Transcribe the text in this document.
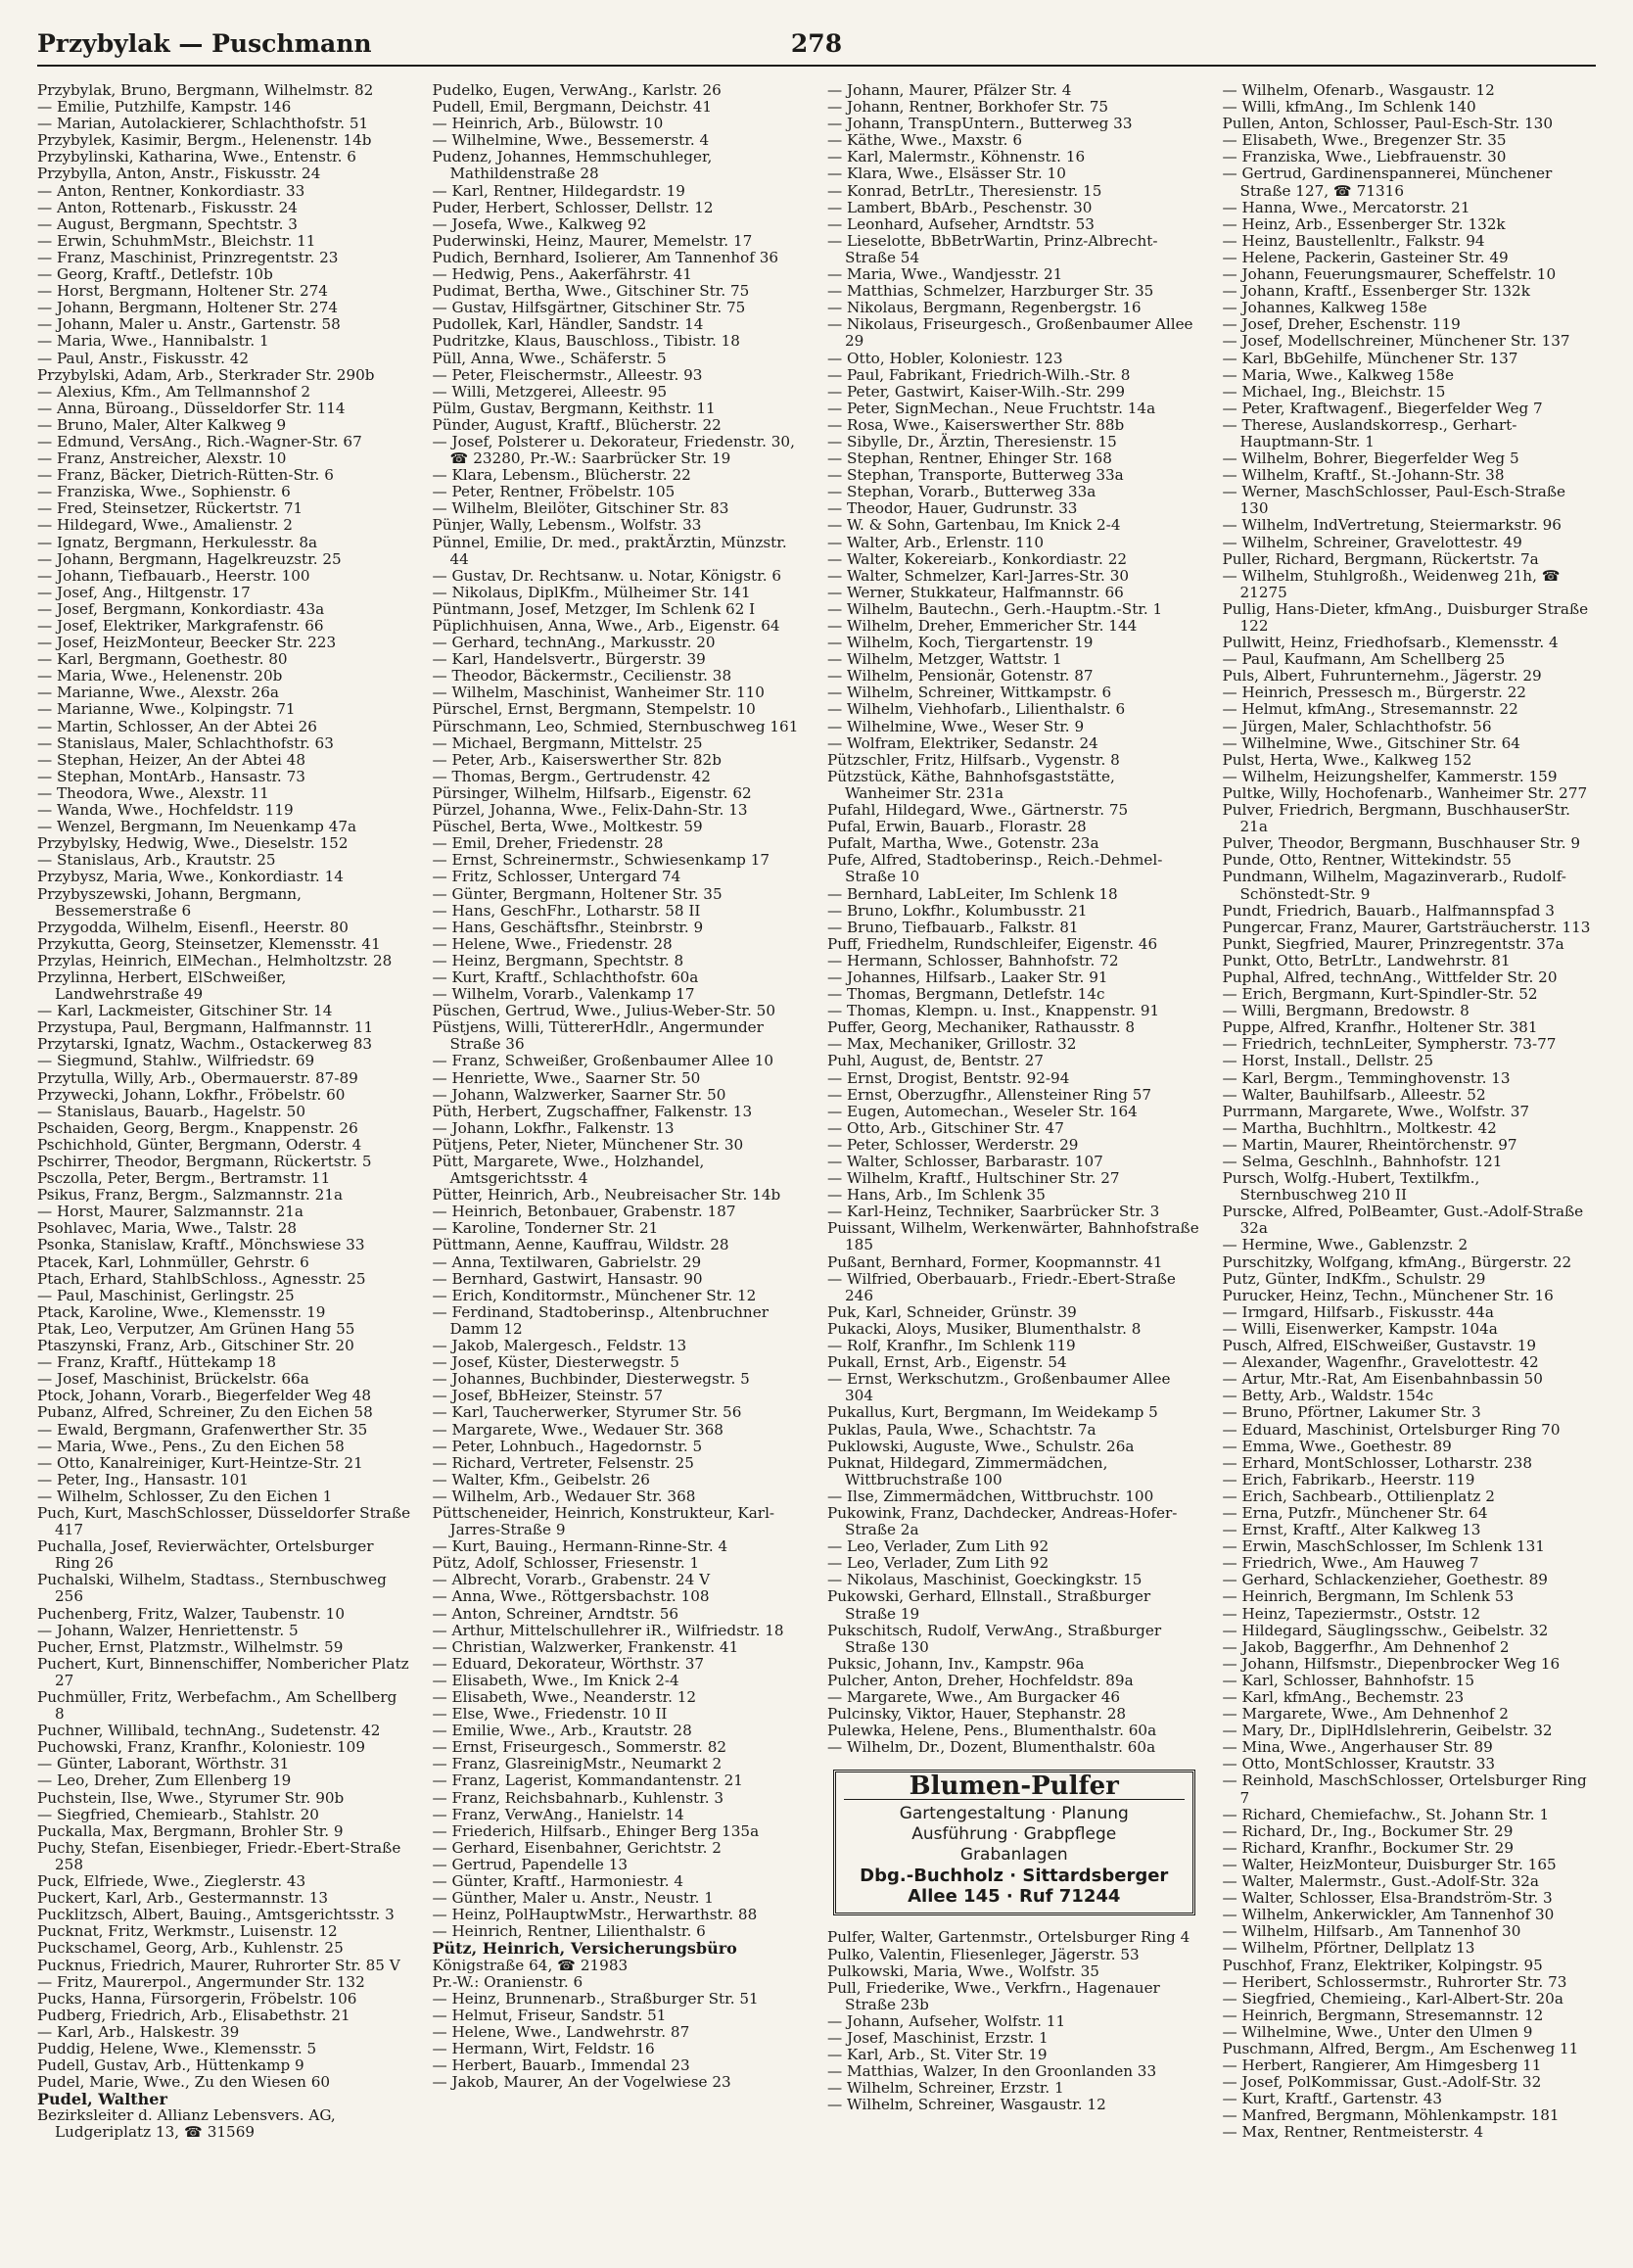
Przybylak — Puschmann	278
Przybylak, Bruno, Bergmann, Wilhelmstr. 82
— Emilie, Putzhilfe, Kampstr. 146
— Marian, Autolackierer, Schlachthofstr. 51
Przybylek, Kasimir, Bergm., Helenenstr. 14b
Przybylinski, Katharina, Wwe., Entenstr. 6
Przybylla, Anton, Anstr., Fiskusstr. 24
— Anton, Rentner, Konkordiastr. 33
— Anton, Rottenarb., Fiskusstr. 24
— August, Bergmann, Spechtstr. 3
— Erwin, SchuhmMstr., Bleichstr. 11
— Franz, Maschinist, Prinzregentstr. 23
— Georg, Kraftf., Detlefstr. 10b
— Horst, Bergmann, Holtener Str. 274
— Johann, Bergmann, Holtener Str. 274
— Johann, Maler u. Anstr., Gartenstr. 58
— Maria, Wwe., Hannibalstr. 1
— Paul, Anstr., Fiskusstr. 42
Przybylski, Adam, Arb., Sterkrader Str. 290b
— Alexius, Kfm., Am Tellmannshof 2
— Anna, Büroang., Düsseldorfer Str. 114
— Bruno, Maler, Alter Kalkweg 9
— Edmund, VersAng., Rich.-Wagner-Str. 67
— Franz, Anstreicher, Alexstr. 10
— Franz, Bäcker, Dietrich-Rütten-Str. 6
— Franziska, Wwe., Sophienstr. 6
— Fred, Steinsetzer, Rückertstr. 71
— Hildegard, Wwe., Amalienstr. 2
— Ignatz, Bergmann, Herkulesstr. 8a
— Johann, Bergmann, Hagelkreuzstr. 25
— Johann, Tiefbauarb., Heerstr. 100
— Josef, Ang., Hiltgenstr. 17
— Josef, Bergmann, Konkordiastr. 43a
— Josef, Elektriker, Markgrafenstr. 66
— Josef, HeizMonteur, Beecker Str. 223
— Karl, Bergmann, Goethestr. 80
— Maria, Wwe., Helenenstr. 20b
— Marianne, Wwe., Alexstr. 26a
— Marianne, Wwe., Kolpingstr. 71
— Martin, Schlosser, An der Abtei 26
— Stanislaus, Maler, Schlachthofstr. 63
— Stephan, Heizer, An der Abtei 48
— Stephan, MontArb., Hansastr. 73
— Theodora, Wwe., Alexstr. 11
— Wanda, Wwe., Hochfeldstr. 119
— Wenzel, Bergmann, Im Neuenkamp 47a
Przybylsky, Hedwig, Wwe., Dieselstr. 152
— Stanislaus, Arb., Krautstr. 25
Przybysz, Maria, Wwe., Konkordiastr. 14
Przybyszewski, Johann, Bergmann, Bessemerstraße 6
Przygodda, Wilhelm, Eisenfl., Heerstr. 80
Przykutta, Georg, Steinsetzer, Klemensstr. 41
Przylas, Heinrich, ElMechan., Helmholtzstr. 28
Przylinna, Herbert, ElSchweißer, Landwehrstraße 49
— Karl, Lackmeister, Gitschiner Str. 14
Przystupa, Paul, Bergmann, Halfmannstr. 11
Przytarski, Ignatz, Wachm., Ostackerweg 83
— Siegmund, Stahlw., Wilfriedstr. 69
Przytulla, Willy, Arb., Obermauerstr. 87-89
Przywecki, Johann, Lokfhr., Fröbelstr. 60
— Stanislaus, Bauarb., Hagelstr. 50
Pschaiden, Georg, Bergm., Knappenstr. 26
Pschichhold, Günter, Bergmann, Oderstr. 4
Pschirrer, Theodor, Bergmann, Rückertstr. 5
Psczolla, Peter, Bergm., Bertramstr. 11
Psikus, Franz, Bergm., Salzmannstr. 21a
— Horst, Maurer, Salzmannstr. 21a
Psohlavec, Maria, Wwe., Talstr. 28
Psonka, Stanislaw, Kraftf., Mönchswiese 33
Ptacek, Karl, Lohnmüller, Gehrstr. 6
Ptach, Erhard, StahlbSchloss., Agnesstr. 25
— Paul, Maschinist, Gerlingstr. 25
Ptack, Karoline, Wwe., Klemensstr. 19
Ptak, Leo, Verputzer, Am Grünen Hang 55
Ptaszynski, Franz, Arb., Gitschiner Str. 20
— Franz, Kraftf., Hüttekamp 18
— Josef, Maschinist, Brückelstr. 66a
Ptock, Johann, Vorarb., Biegerfelder Weg 48
Pubanz, Alfred, Schreiner, Zu den Eichen 58
— Ewald, Bergmann, Grafenwerther Str. 35
— Maria, Wwe., Pens., Zu den Eichen 58
— Otto, Kanalreiniger, Kurt-Heintze-Str. 21
— Peter, Ing., Hansastr. 101
— Wilhelm, Schlosser, Zu den Eichen 1
Puch, Kurt, MaschSchlosser, Düsseldorfer Straße 417
Puchalla, Josef, Revierwächter, Ortelsburger Ring 26
Puchalski, Wilhelm, Stadtass., Sternbuschweg 256
Puchenberg, Fritz, Walzer, Taubenstr. 10
— Johann, Walzer, Henriettenstr. 5
Pucher, Ernst, Platzmstr., Wilhelmstr. 59
Puchert, Kurt, Binnenschiffer, Nombericher Platz 27
Puchmüller, Fritz, Werbefachm., Am Schellberg 8
Puchner, Willibald, technAng., Sudetenstr. 42
Puchowski, Franz, Kranfhr., Koloniestr. 109
— Günter, Laborant, Wörthstr. 31
— Leo, Dreher, Zum Ellenberg 19
Puchstein, Ilse, Wwe., Styrumer Str. 90b
— Siegfried, Chemiearb., Stahlstr. 20
Puckalla, Max, Bergmann, Brohler Str. 9
Puchy, Stefan, Eisenbieger, Friedr.-Ebert-Straße 258
Puck, Elfriede, Wwe., Zieglerstr. 43
Puckert, Karl, Arb., Gestermannstr. 13
Pucklitzsch, Albert, Bauing., Amtsgerichtsstr. 3
Pucknat, Fritz, Werkmstr., Luisenstr. 12
Puckschamel, Georg, Arb., Kuhlenstr. 25
Pucknus, Friedrich, Maurer, Ruhrorter Str. 85 V
— Fritz, Maurerpol., Angermunder Str. 132
Pucks, Hanna, Fürsorgerin, Fröbelstr. 106
Pudberg, Friedrich, Arb., Elisabethstr. 21
— Karl, Arb., Halskestr. 39
Puddig, Helene, Wwe., Klemensstr. 5
Pudell, Gustav, Arb., Hüttenkamp 9
Pudel, Marie, Wwe., Zu den Wiesen 60
Pudel, Walther
Bezirksleiter d. Allianz Lebensvers. AG, Ludgeriplatz 13, ☎ 31569
Pudelko, Eugen, VerwAng., Karlstr. 26
Pudell, Emil, Bergmann, Deichstr. 41
— Heinrich, Arb., Bülowstr. 10
— Wilhelmine, Wwe., Bessemerstr. 4
Pudenz, Johannes, Hemmschuhleger, Mathildenstraße 28
— Karl, Rentner, Hildegardstr. 19
Puder, Herbert, Schlosser, Dellstr. 12
— Josefa, Wwe., Kalkweg 92
Puderwinski, Heinz, Maurer, Memelstr. 17
Pudich, Bernhard, Isolierer, Am Tannenhof 36
— Hedwig, Pens., Aakerfährstr. 41
Pudimat, Bertha, Wwe., Gitschiner Str. 75
— Gustav, Hilfsgärtner, Gitschiner Str. 75
Pudollek, Karl, Händler, Sandstr. 14
Pudritzke, Klaus, Bauschloss., Tibistr. 18
Püll, Anna, Wwe., Schäferstr. 5
— Peter, Fleischermstr., Alleestr. 93
— Willi, Metzgerei, Alleestr. 95
Pülm, Gustav, Bergmann, Keithstr. 11
Pünder, August, Kraftf., Blücherstr. 22
— Josef, Polsterer u. Dekorateur, Friedenstr. 30, ☎ 23280, Pr.-W.: Saarbrücker Str. 19
— Klara, Lebensm., Blücherstr. 22
— Peter, Rentner, Fröbelstr. 105
— Wilhelm, Bleilöter, Gitschiner Str. 83
Pünjer, Wally, Lebensm., Wolfstr. 33
Pünnel, Emilie, Dr. med., praktÄrztin, Münzstr. 44
— Gustav, Dr. Rechtsanw. u. Notar, Königstr. 6
— Nikolaus, DiplKfm., Mülheimer Str. 141
Püntmann, Josef, Metzger, Im Schlenk 62 I
Püplichhuisen, Anna, Wwe., Arb., Eigenstr. 64
— Gerhard, technAng., Markusstr. 20
— Karl, Handelsvertr., Bürgerstr. 39
— Theodor, Bäckermstr., Cecilienstr. 38
— Wilhelm, Maschinist, Wanheimer Str. 110
Pürschel, Ernst, Bergmann, Stempelstr. 10
Pürschmann, Leo, Schmied, Sternbuschweg 161
— Michael, Bergmann, Mittelstr. 25
— Peter, Arb., Kaiserswerther Str. 82b
— Thomas, Bergm., Gertrudenstr. 42
Pürsinger, Wilhelm, Hilfsarb., Eigenstr. 62
Pürzel, Johanna, Wwe., Felix-Dahn-Str. 13
Püschel, Berta, Wwe., Moltkestr. 59
— Emil, Dreher, Friedenstr. 28
— Ernst, Schreinermstr., Schwiesenkamp 17
— Fritz, Schlosser, Untergard 74
— Günter, Bergmann, Holtener Str. 35
— Hans, GeschFhr., Lotharstr. 58 II
— Hans, Geschäftsfhr., Steinbrstr. 9
— Helene, Wwe., Friedenstr. 28
— Heinz, Bergmann, Spechtstr. 8
— Kurt, Kraftf., Schlachthofstr. 60a
— Wilhelm, Vorarb., Valenkamp 17
Püschen, Gertrud, Wwe., Julius-Weber-Str. 50
Püstjens, Willi, TüttererHdlr., Angermunder Straße 36
— Franz, Schweißer, Großenbaumer Allee 10
— Henriette, Wwe., Saarner Str. 50
— Johann, Walzwerker, Saarner Str. 50
Püth, Herbert, Zugschaffner, Falkenstr. 13
— Johann, Lokfhr., Falkenstr. 13
Pütjens, Peter, Nieter, Münchener Str. 30
Pütt, Margarete, Wwe., Holzhandel, Amtsgerichtsstr. 4
Pütter, Heinrich, Arb., Neubreisacher Str. 14b
— Heinrich, Betonbauer, Grabenstr. 187
— Karoline, Tonderner Str. 21
Püttmann, Aenne, Kauffrau, Wildstr. 28
— Anna, Textilwaren, Gabrielstr. 29
— Bernhard, Gastwirt, Hansastr. 90
— Erich, Konditormstr., Münchener Str. 12
— Ferdinand, Stadtoberinsp., Altenbruchner Damm 12
— Jakob, Malergesch., Feldstr. 13
— Josef, Küster, Diesterwegstr. 5
— Johannes, Buchbinder, Diesterwegstr. 5
— Josef, BbHeizer, Steinstr. 57
— Karl, Taucherwerker, Styrumer Str. 56
— Margarete, Wwe., Wedauer Str. 368
— Peter, Lohnbuch., Hagedornstr. 5
— Richard, Vertreter, Felsenstr. 25
— Walter, Kfm., Geibelstr. 26
— Wilhelm, Arb., Wedauer Str. 368
Püttscheneider, Heinrich, Konstrukteur, Karl-Jarres-Straße 9
— Kurt, Bauing., Hermann-Rinne-Str. 4
Pütz, Adolf, Schlosser, Friesenstr. 1
— Albrecht, Vorarb., Grabenstr. 24 V
— Anna, Wwe., Röttgersbachstr. 108
— Anton, Schreiner, Arndtstr. 56
— Arthur, Mittelschullehrer iR., Wilfriedstr. 18
— Christian, Walzwerker, Frankenstr. 41
— Eduard, Dekorateur, Wörthstr. 37
— Elisabeth, Wwe., Im Knick 2-4
— Elisabeth, Wwe., Neanderstr. 12
— Else, Wwe., Friedenstr. 10 II
— Emilie, Wwe., Arb., Krautstr. 28
— Ernst, Friseurgesch., Sommerstr. 82
— Franz, GlasreinigMstr., Neumarkt 2
— Franz, Lagerist, Kommandantenstr. 21
— Franz, Reichsbahnarb., Kuhlenstr. 3
— Franz, VerwAng., Hanielstr. 14
— Friederich, Hilfsarb., Ehinger Berg 135a
— Gerhard, Eisenbahner, Gerichtstr. 2
— Gertrud, Papendelle 13
— Günter, Kraftf., Harmoniestr. 4
— Günther, Maler u. Anstr., Neustr. 1
— Heinz, PolHauptwMstr., Herwarthstr. 88
— Heinrich, Rentner, Lilienthalstr. 6
Pütz, Heinrich, Versicherungsbüro
Königstraße 64, ☎ 21983
Pr.-W.: Oranienstr. 6
— Heinz, Brunnenarb., Straßburger Str. 51
— Helmut, Friseur, Sandstr. 51
— Helene, Wwe., Landwehrstr. 87
— Hermann, Wirt, Feldstr. 16
— Herbert, Bauarb., Immendal 23
— Jakob, Maurer, An der Vogelwiese 23
— Johann, Maurer, Pfälzer Str. 4
— Johann, Rentner, Borkhofer Str. 75
— Johann, TranspUntern., Butterweg 33
— Käthe, Wwe., Maxstr. 6
— Karl, Malermstr., Köhnenstr. 16
— Klara, Wwe., Elsässer Str. 10
— Konrad, BetrLtr., Theresienstr. 15
— Lambert, BbArb., Peschenstr. 30
— Leonhard, Aufseher, Arndtstr. 53
— Lieselotte, BbBetrWartin, Prinz-Albrecht-Straße 54
— Maria, Wwe., Wandjesstr. 21
— Matthias, Schmelzer, Harzburger Str. 35
— Nikolaus, Bergmann, Regenbergstr. 16
— Nikolaus, Friseurgesch., Großenbaumer Allee 29
— Otto, Hobler, Koloniestr. 123
— Paul, Fabrikant, Friedrich-Wilh.-Str. 8
— Peter, Gastwirt, Kaiser-Wilh.-Str. 299
— Peter, SignMechan., Neue Fruchtstr. 14a
— Rosa, Wwe., Kaiserswerther Str. 88b
— Sibylle, Dr., Ärztin, Theresienstr. 15
— Stephan, Rentner, Ehinger Str. 168
— Stephan, Transporte, Butterweg 33a
— Stephan, Vorarb., Butterweg 33a
— Theodor, Hauer, Gudrunstr. 33
— W. & Sohn, Gartenbau, Im Knick 2-4
— Walter, Arb., Erlenstr. 110
— Walter, Kokereiarb., Konkordiastr. 22
— Walter, Schmelzer, Karl-Jarres-Str. 30
— Werner, Stukkateur, Halfmannstr. 66
— Wilhelm, Bautechn., Gerh.-Hauptm.-Str. 1
— Wilhelm, Dreher, Emmericher Str. 144
— Wilhelm, Koch, Tiergartenstr. 19
— Wilhelm, Metzger, Wattstr. 1
— Wilhelm, Pensionär, Gotenstr. 87
— Wilhelm, Schreiner, Wittkampstr. 6
— Wilhelm, Viehhofarb., Lilienthalstr. 6
— Wilhelmine, Wwe., Weser Str. 9
— Wolfram, Elektriker, Sedanstr. 24
Pützschler, Fritz, Hilfsarb., Vygenstr. 8
Pützstück, Käthe, Bahnhofsgaststätte, Wanheimer Str. 231a
Pufahl, Hildegard, Wwe., Gärtnerstr. 75
Pufal, Erwin, Bauarb., Florastr. 28
Pufalt, Martha, Wwe., Gotenstr. 23a
Pufe, Alfred, Stadtoberinsp., Reich.-Dehmel-Straße 10
— Bernhard, LabLeiter, Im Schlenk 18
— Bruno, Lokfhr., Kolumbusstr. 21
— Bruno, Tiefbauarb., Falkstr. 81
Puff, Friedhelm, Rundschleifer, Eigenstr. 46
— Hermann, Schlosser, Bahnhofstr. 72
— Johannes, Hilfsarb., Laaker Str. 91
— Thomas, Bergmann, Detlefstr. 14c
— Thomas, Klempn. u. Inst., Knappenstr. 91
Puffer, Georg, Mechaniker, Rathausstr. 8
— Max, Mechaniker, Grillostr. 32
Puhl, August, de, Bentstr. 27
— Ernst, Drogist, Bentstr. 92-94
— Ernst, Oberzugfhr., Allensteiner Ring 57
— Eugen, Automechan., Weseler Str. 164
— Otto, Arb., Gitschiner Str. 47
— Peter, Schlosser, Werderstr. 29
— Walter, Schlosser, Barbarastr. 107
— Wilhelm, Kraftf., Hultschiner Str. 27
— Hans, Arb., Im Schlenk 35
— Karl-Heinz, Techniker, Saarbrücker Str. 3
Puissant, Wilhelm, Werkenwärter, Bahnhofstraße 185
Pußant, Bernhard, Former, Koopmannstr. 41
— Wilfried, Oberbauarb., Friedr.-Ebert-Straße 246
Puk, Karl, Schneider, Grünstr. 39
Pukacki, Aloys, Musiker, Blumenthalstr. 8
— Rolf, Kranfhr., Im Schlenk 119
Pukall, Ernst, Arb., Eigenstr. 54
— Ernst, Werkschutzm., Großenbaumer Allee 304
Pukallus, Kurt, Bergmann, Im Weidekamp 5
Puklas, Paula, Wwe., Schachtstr. 7a
Puklowski, Auguste, Wwe., Schulstr. 26a
Puknat, Hildegard, Zimmermädchen, Wittbruchstraße 100
— Ilse, Zimmermädchen, Wittbruchstr. 100
Pukowink, Franz, Dachdecker, Andreas-Hofer-Straße 2a
— Leo, Verlader, Zum Lith 92
— Leo, Verlader, Zum Lith 92
— Nikolaus, Maschinist, Goeckingkstr. 15
Pukowski, Gerhard, Ellnstall., Straßburger Straße 19
Pukschitsch, Rudolf, VerwAng., Straßburger Straße 130
Puksic, Johann, Inv., Kampstr. 96a
Pulcher, Anton, Dreher, Hochfeldstr. 89a
— Margarete, Wwe., Am Burgacker 46
Pulcinsky, Viktor, Hauer, Stephanstr. 28
Pulewka, Helene, Pens., Blumenthalstr. 60a
— Wilhelm, Dr., Dozent, Blumenthalstr. 60a
Blumen-Pulfer
Gartengestaltung · Planung
Ausführung · Grabpflege
Grabanlagen
Dbg.-Buchholz · Sittardsberger
Allee 145 · Ruf 71244
Pulfer, Walter, Gartenmstr., Ortelsburger Ring 4
Pulko, Valentin, Fliesenleger, Jägerstr. 53
Pulkowski, Maria, Wwe., Wolfstr. 35
Pull, Friederike, Wwe., Verkfrn., Hagenauer Straße 23b
— Johann, Aufseher, Wolfstr. 11
— Josef, Maschinist, Erzstr. 1
— Karl, Arb., St. Viter Str. 19
— Matthias, Walzer, In den Groonlanden 33
— Wilhelm, Schreiner, Erzstr. 1
— Wilhelm, Schreiner, Wasgaustr. 12
— Wilhelm, Ofenarb., Wasgaustr. 12
— Willi, kfmAng., Im Schlenk 140
Pullen, Anton, Schlosser, Paul-Esch-Str. 130
— Elisabeth, Wwe., Bregenzer Str. 35
— Franziska, Wwe., Liebfrauenstr. 30
— Gertrud, Gardinenspannerei, Münchener Straße 127, ☎ 71316
— Hanna, Wwe., Mercatorstr. 21
— Heinz, Arb., Essenberger Str. 132k
— Heinz, Baustellenltr., Falkstr. 94
— Helene, Packerin, Gasteiner Str. 49
— Johann, Feuerungsmaurer, Scheffelstr. 10
— Johann, Kraftf., Essenberger Str. 132k
— Johannes, Kalkweg 158e
— Josef, Dreher, Eschenstr. 119
— Josef, Modellschreiner, Münchener Str. 137
— Karl, BbGehilfe, Münchener Str. 137
— Maria, Wwe., Kalkweg 158e
— Michael, Ing., Bleichstr. 15
— Peter, Kraftwagenf., Biegerfelder Weg 7
— Therese, Auslandskorresp., Gerhart-Hauptmann-Str. 1
— Wilhelm, Bohrer, Biegerfelder Weg 5
— Wilhelm, Kraftf., St.-Johann-Str. 38
— Werner, MaschSchlosser, Paul-Esch-Straße 130
— Wilhelm, IndVertretung, Steiermarkstr. 96
— Wilhelm, Schreiner, Gravelottestr. 49
Puller, Richard, Bergmann, Rückertstr. 7a
— Wilhelm, Stuhlgroßh., Weidenweg 21h, ☎ 21275
Pullig, Hans-Dieter, kfmAng., Duisburger Straße 122
Pullwitt, Heinz, Friedhofsarb., Klemensstr. 4
— Paul, Kaufmann, Am Schellberg 25
Puls, Albert, Fuhrunternehm., Jägerstr. 29
— Heinrich, Pressesch m., Bürgerstr. 22
— Helmut, kfmAng., Stresemannstr. 22
— Jürgen, Maler, Schlachthofstr. 56
— Wilhelmine, Wwe., Gitschiner Str. 64
Pulst, Herta, Wwe., Kalkweg 152
— Wilhelm, Heizungshelfer, Kammerstr. 159
Pultke, Willy, Hochofenarb., Wanheimer Str. 277
Pulver, Friedrich, Bergmann, BuschhauserStr. 21a
Pulver, Theodor, Bergmann, Buschhauser Str. 9
Punde, Otto, Rentner, Wittekindstr. 55
Pundmann, Wilhelm, Magazinverarb., Rudolf-Schönstedt-Str. 9
Pundt, Friedrich, Bauarb., Halfmannspfad 3
Pungercar, Franz, Maurer, Gartsträucherstr. 113
Punkt, Siegfried, Maurer, Prinzregentstr. 37a
Punkt, Otto, BetrLtr., Landwehrstr. 81
Puphal, Alfred, technAng., Wittfelder Str. 20
— Erich, Bergmann, Kurt-Spindler-Str. 52
— Willi, Bergmann, Bredowstr. 8
Puppe, Alfred, Kranfhr., Holtener Str. 381
— Friedrich, technLeiter, Sympherstr. 73-77
— Horst, Install., Dellstr. 25
— Karl, Bergm., Temminghovenstr. 13
— Walter, Bauhilfsarb., Alleestr. 52
Purrmann, Margarete, Wwe., Wolfstr. 37
— Martha, Buchhltrn., Moltkestr. 42
— Martin, Maurer, Rheintörchenstr. 97
— Selma, Geschlnh., Bahnhofstr. 121
Pursch, Wolfg.-Hubert, Textilkfm., Sternbuschweg 210 II
Purscke, Alfred, PolBeamter, Gust.-Adolf-Straße 32a
— Hermine, Wwe., Gablenzstr. 2
Purschitzky, Wolfgang, kfmAng., Bürgerstr. 22
Putz, Günter, IndKfm., Schulstr. 29
Purucker, Heinz, Techn., Münchener Str. 16
— Irmgard, Hilfsarb., Fiskusstr. 44a
— Willi, Eisenwerker, Kampstr. 104a
Pusch, Alfred, ElSchweißer, Gustavstr. 19
— Alexander, Wagenfhr., Gravelottestr. 42
— Artur, Mtr.-Rat, Am Eisenbahnbassin 50
— Betty, Arb., Waldstr. 154c
— Bruno, Pförtner, Lakumer Str. 3
— Eduard, Maschinist, Ortelsburger Ring 70
— Emma, Wwe., Goethestr. 89
— Erhard, MontSchlosser, Lotharstr. 238
— Erich, Fabrikarb., Heerstr. 119
— Erich, Sachbearb., Ottilienplatz 2
— Erna, Putzfr., Münchener Str. 64
— Ernst, Kraftf., Alter Kalkweg 13
— Erwin, MaschSchlosser, Im Schlenk 131
— Friedrich, Wwe., Am Hauweg 7
— Gerhard, Schlackenzieher, Goethestr. 89
— Heinrich, Bergmann, Im Schlenk 53
— Heinz, Tapeziermstr., Oststr. 12
— Hildegard, Säuglingsschw., Geibelstr. 32
— Jakob, Baggerfhr., Am Dehnenhof 2
— Johann, Hilfsmstr., Diepenbrocker Weg 16
— Karl, Schlosser, Bahnhofstr. 15
— Karl, kfmAng., Bechemstr. 23
— Margarete, Wwe., Am Dehnenhof 2
— Mary, Dr., DiplHdlslehrerin, Geibelstr. 32
— Mina, Wwe., Angerhauser Str. 89
— Otto, MontSchlosser, Krautstr. 33
— Reinhold, MaschSchlosser, Ortelsburger Ring 7
— Richard, Chemiefachw., St. Johann Str. 1
— Richard, Dr., Ing., Bockumer Str. 29
— Richard, Kranfhr., Bockumer Str. 29
— Walter, HeizMonteur, Duisburger Str. 165
— Walter, Malermstr., Gust.-Adolf-Str. 32a
— Walter, Schlosser, Elsa-Brandström-Str. 3
— Wilhelm, Ankerwickler, Am Tannenhof 30
— Wilhelm, Hilfsarb., Am Tannenhof 30
— Wilhelm, Pförtner, Dellplatz 13
Puschhof, Franz, Elektriker, Kolpingstr. 95
— Heribert, Schlossermstr., Ruhrorter Str. 73
— Siegfried, Chemieing., Karl-Albert-Str. 20a
— Heinrich, Bergmann, Stresemannstr. 12
— Wilhelmine, Wwe., Unter den Ulmen 9
Puschmann, Alfred, Bergm., Am Eschenweg 11
— Herbert, Rangierer, Am Himgesberg 11
— Josef, PolKommissar, Gust.-Adolf-Str. 32
— Kurt, Kraftf., Gartenstr. 43
— Manfred, Bergmann, Möhlenkampstr. 181
— Max, Rentner, Rentmeisterstr. 4
